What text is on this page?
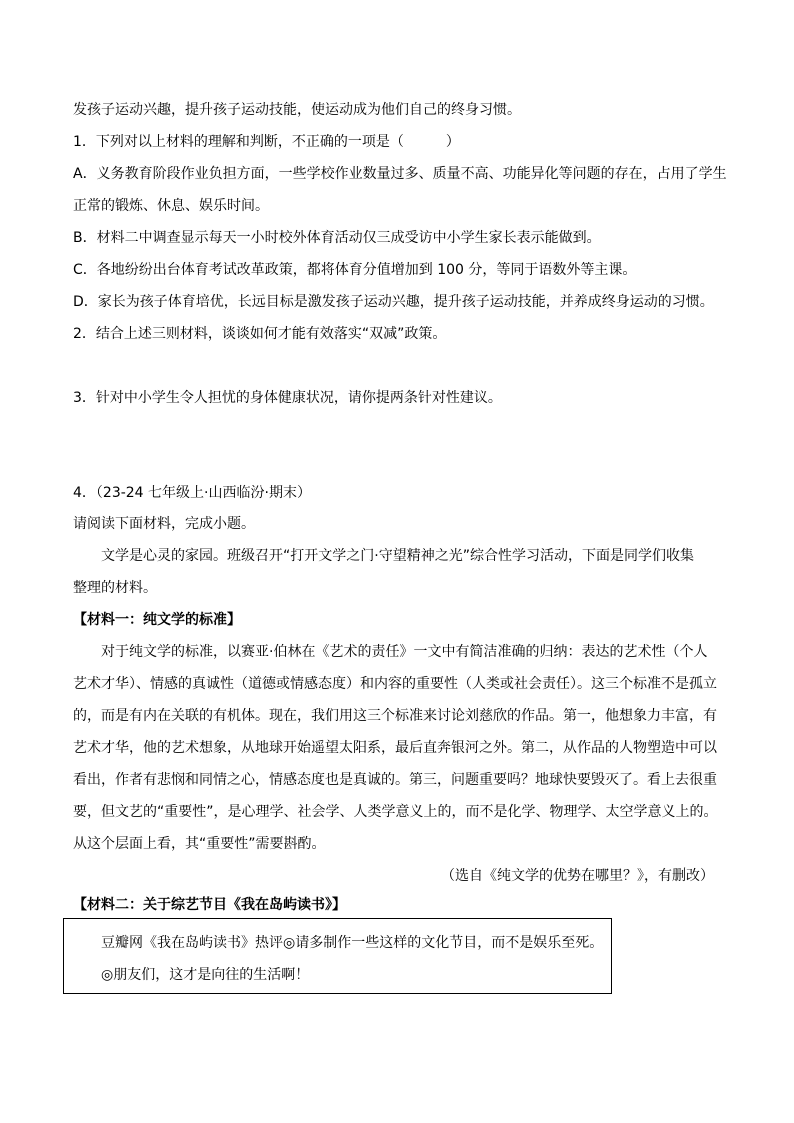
发孩子运动兴趣，提升孩子运动技能，使运动成为他们自己的终身习惯。
1．下列对以上材料的理解和判断，不正确的一项是（　　　）
A．义务教育阶段作业负担方面，一些学校作业数量过多、质量不高、功能异化等问题的存在，占用了学生
正常的锻炼、休息、娱乐时间。
B．材料二中调查显示每天一小时校外体育活动仅三成受访中小学生家长表示能做到。
C．各地纷纷出台体育考试改革政策，都将体育分值增加到 100 分，等同于语数外等主课。
D．家长为孩子体育培优，长远目标是激发孩子运动兴趣，提升孩子运动技能，并养成终身运动的习惯。
2．结合上述三则材料，谈谈如何才能有效落实“双减”政策。
3．针对中小学生令人担忧的身体健康状况，请你提两条针对性建议。
4．（23-24 七年级上·山西临汾·期末）
请阅读下面材料，完成小题。
文学是心灵的家园。班级召开“打开文学之门·守望精神之光”综合性学习活动，下面是同学们收集
整理的材料。
【材料一：纯文学的标准】
对于纯文学的标准，以赛亚·伯林在《艺术的责任》一文中有简洁准确的归纳：表达的艺术性（个人
艺术才华）、情感的真诚性（道德或情感态度）和内容的重要性（人类或社会责任）。这三个标准不是孤立
的，而是有内在关联的有机体。现在，我们用这三个标准来讨论刘慈欣的作品。第一，他想象力丰富，有
艺术才华，他的艺术想象，从地球开始遥望太阳系，最后直奔银河之外。第二，从作品的人物塑造中可以
看出，作者有悲悯和同情之心，情感态度也是真诚的。第三，问题重要吗？地球快要毁灭了。看上去很重
要，但文艺的“重要性”，是心理学、社会学、人类学意义上的，而不是化学、物理学、太空学意义上的。
从这个层面上看，其“重要性”需要斟酌。
（选自《纯文学的优势在哪里？》，有删改）
【材料二：关于综艺节目《我在岛屿读书》】
豆瓣网《我在岛屿读书》热评◎请多制作一些这样的文化节目，而不是娱乐至死。
◎朋友们，这才是向往的生活啊！
